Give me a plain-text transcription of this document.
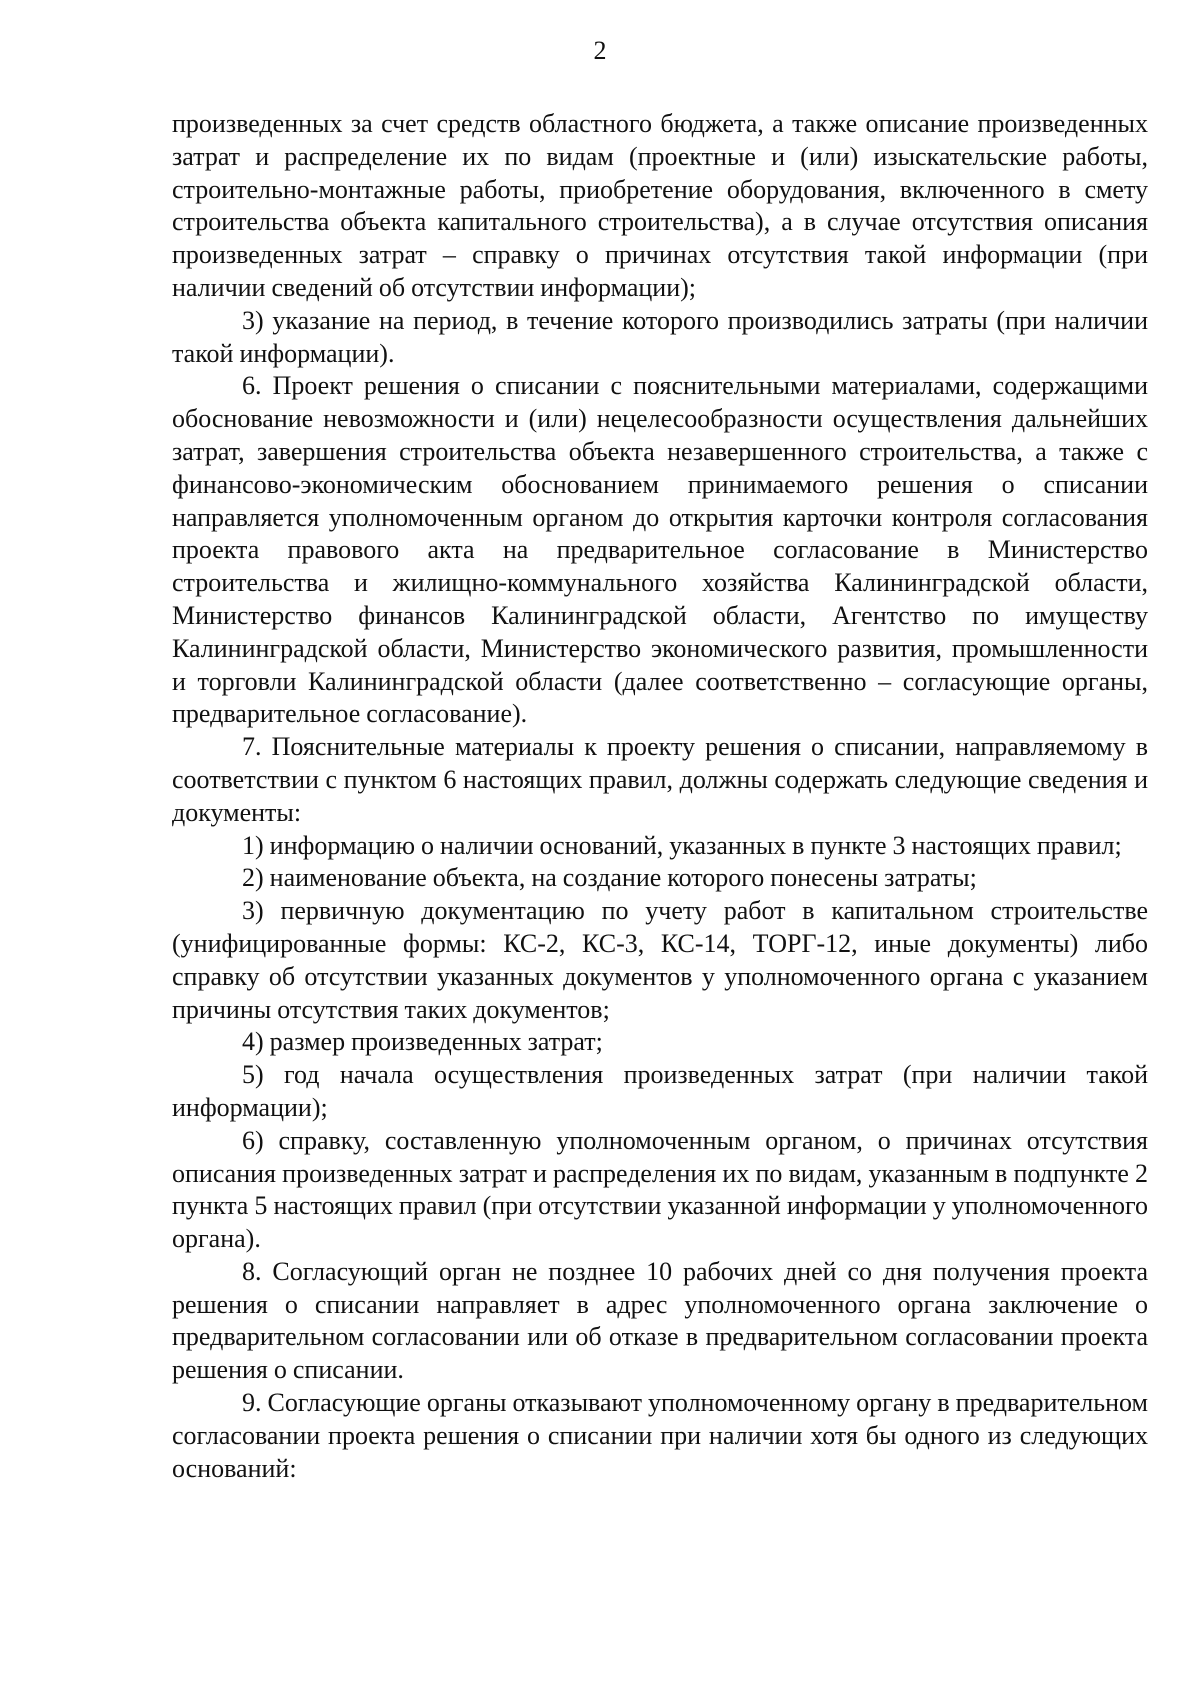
2

произведенных за счет средств областного бюджета, а также описание произведенных затрат и распределение их по видам (проектные и (или) изыскательские работы, строительно-монтажные работы, приобретение оборудования, включенного в смету строительства объекта капитального строительства), а в случае отсутствия описания произведенных затрат – справку о причинах отсутствия такой информации (при наличии сведений об отсутствии информации);

3) указание на период, в течение которого производились затраты (при наличии такой информации).

6. Проект решения о списании с пояснительными материалами, содержащими обоснование невозможности и (или) нецелесообразности осуществления дальнейших затрат, завершения строительства объекта незавершенного строительства, а также с финансово-экономическим обоснованием принимаемого решения о списании направляется уполномоченным органом до открытия карточки контроля согласования проекта правового акта на предварительное согласование в Министерство строительства и жилищно-коммунального хозяйства Калининградской области, Министерство финансов Калининградской области, Агентство по имуществу Калининградской области, Министерство экономического развития, промышленности и торговли Калининградской области (далее соответственно – согласующие органы, предварительное согласование).

7. Пояснительные материалы к проекту решения о списании, направляемому в соответствии с пунктом 6 настоящих правил, должны содержать следующие сведения и документы:

1) информацию о наличии оснований, указанных в пункте 3 настоящих правил;

2) наименование объекта, на создание которого понесены затраты;

3) первичную документацию по учету работ в капитальном строительстве (унифицированные формы: КС-2, КС-3, КС-14, ТОРГ-12, иные документы) либо справку об отсутствии указанных документов у уполномоченного органа с указанием причины отсутствия таких документов;

4) размер произведенных затрат;

5) год начала осуществления произведенных затрат (при наличии такой информации);

6) справку, составленную уполномоченным органом, о причинах отсутствия описания произведенных затрат и распределения их по видам, указанным в подпункте 2 пункта 5 настоящих правил (при отсутствии указанной информации у уполномоченного органа).

8. Согласующий орган не позднее 10 рабочих дней со дня получения проекта решения о списании направляет в адрес уполномоченного органа заключение о предварительном согласовании или об отказе в предварительном согласовании проекта решения о списании.

9. Согласующие органы отказывают уполномоченному органу в предварительном согласовании проекта решения о списании при наличии хотя бы одного из следующих оснований:
